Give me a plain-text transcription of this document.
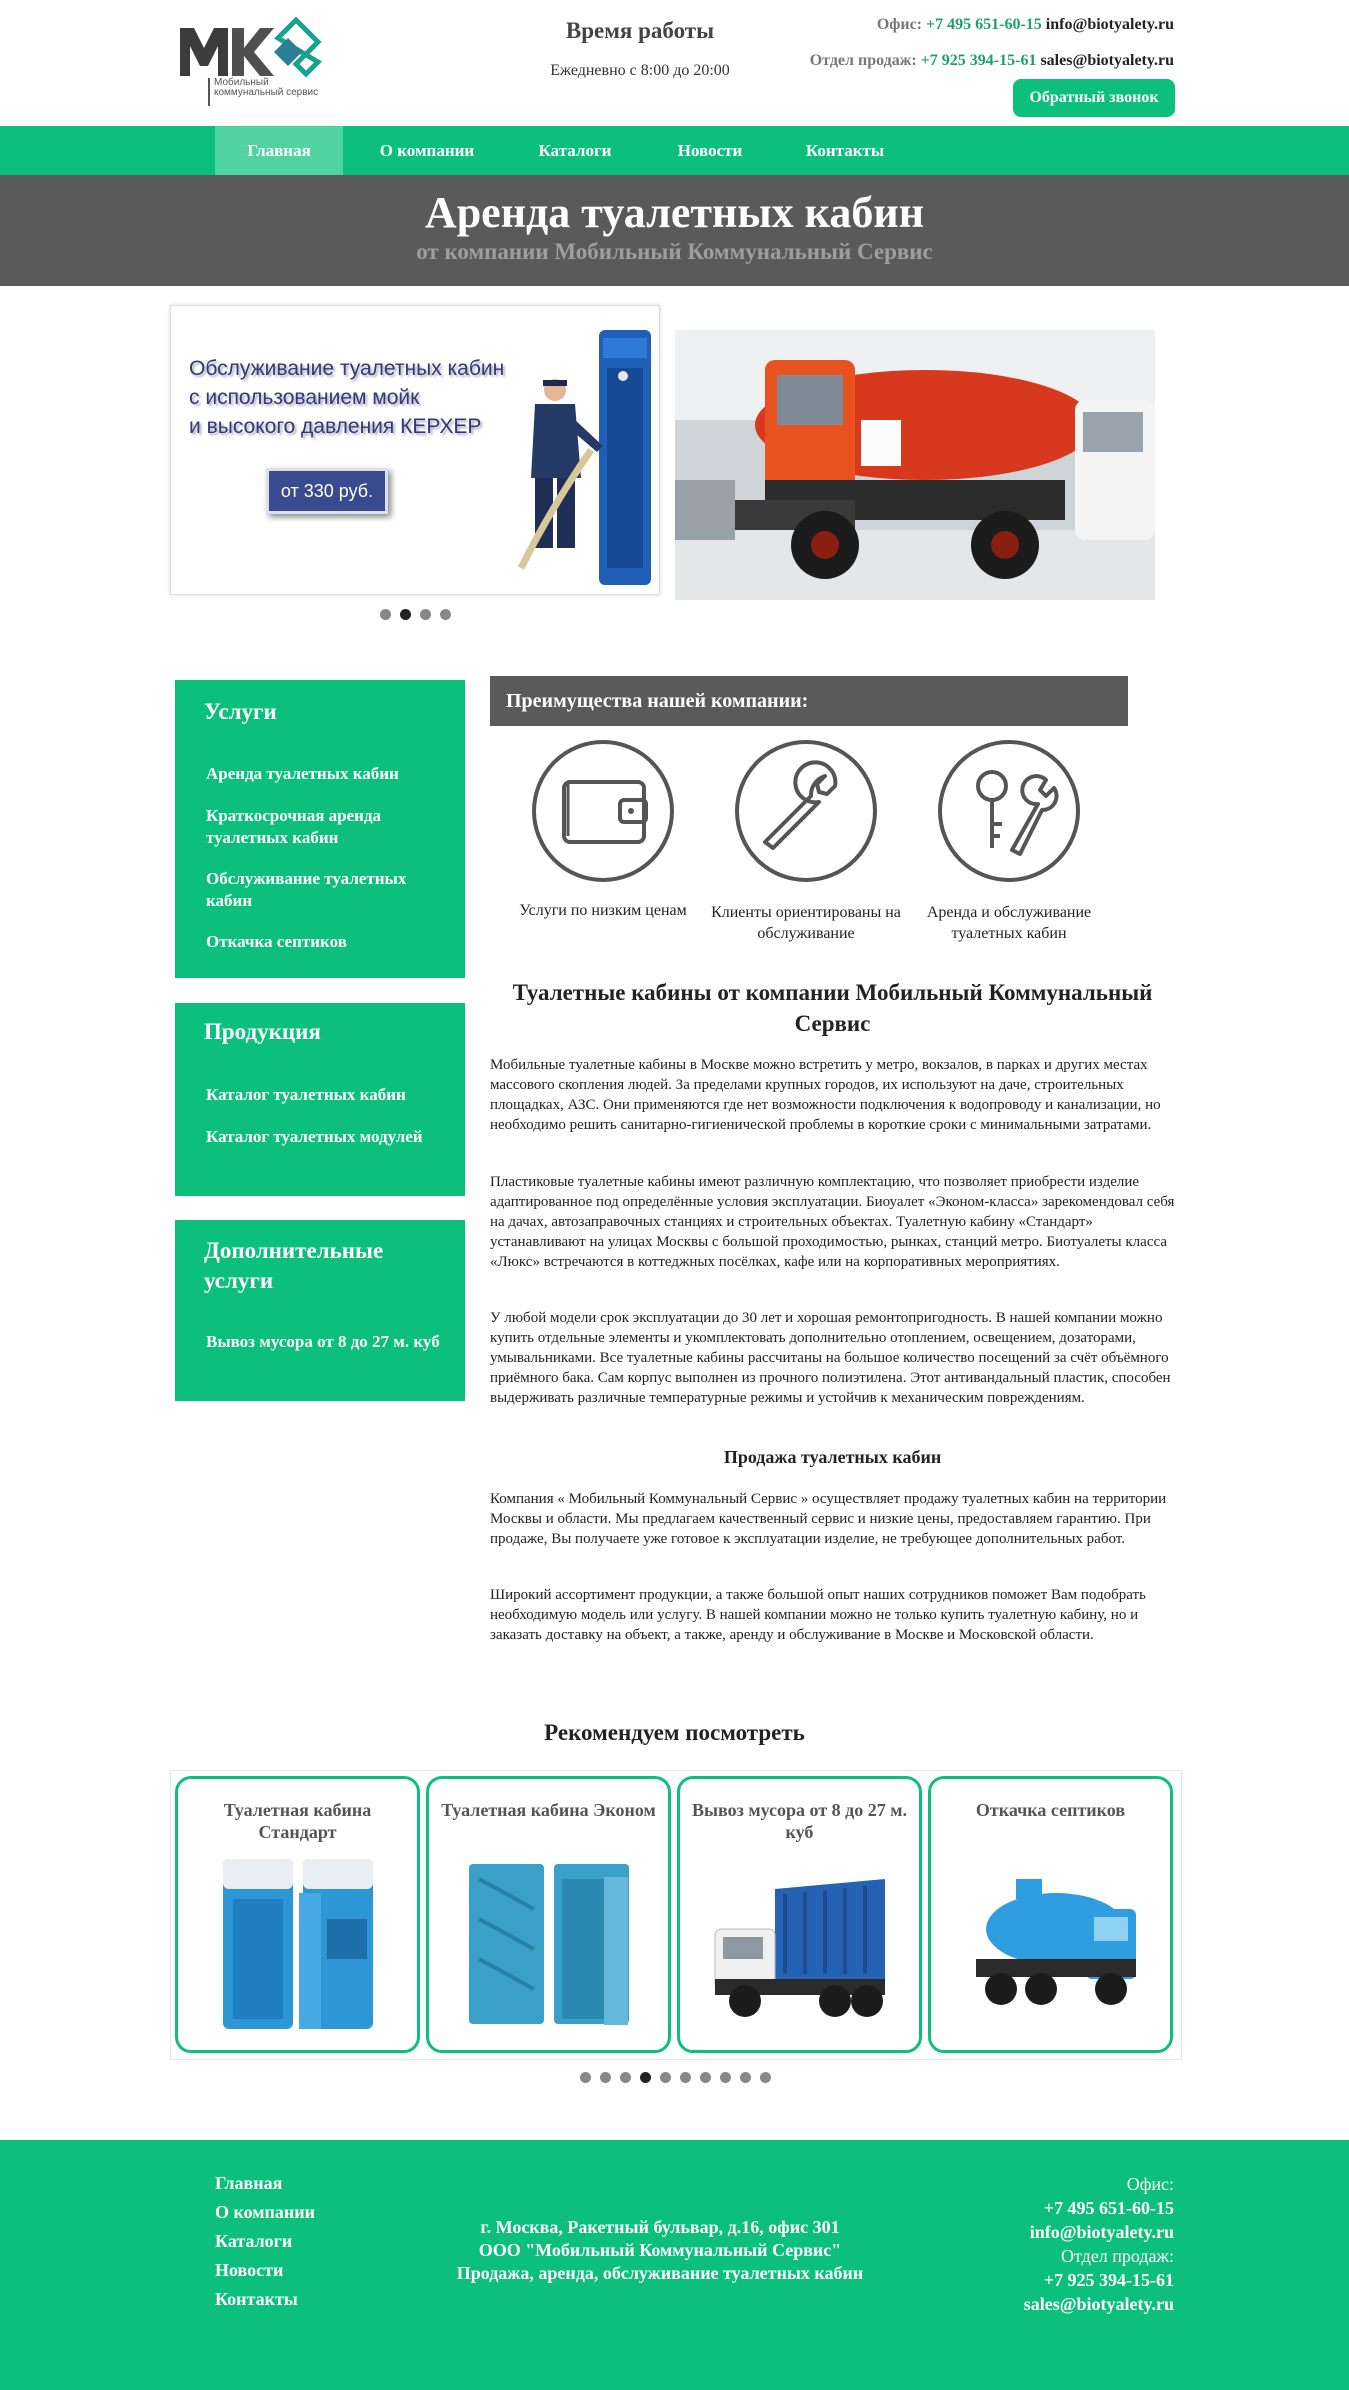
Мобильный коммунальный сервис
Время работы
Ежедневно с 8:00 до 20:00
Офис: +7 495 651-60-15 info@biotyalety.ru
Отдел продаж: +7 925 394-15-61 sales@biotyalety.ru
Обратный звонок
Главная	О компании	Каталоги	Новости	Контакты
Аренда туалетных кабин
от компании Мобильный Коммунальный Сервис
Обслуживание туалетных кабин
с использованием мойк
и высокого давления КЕРХЕР
от 330 руб.
Услуги
Аренда туалетных кабин
Краткосрочная аренда туалетных кабин
Обслуживание туалетных кабин
Откачка септиков
Продукция
Каталог туалетных кабин
Каталог туалетных модулей
Дополнительные услуги
Вывоз мусора от 8 до 27 м. куб
Преимущества нашей компании:
Услуги по низким ценам	Клиенты ориентированы на обслуживание
Аренда и обслуживание туалетных кабин
Туалетные кабины от компании Мобильный Коммунальный Сервис
Мобильные туалетные кабины в Москве можно встретить у метро, вокзалов, в парках и других местах массового скопления людей. За пределами крупных городов, их используют на даче, строительных площадках, АЗС. Они применяются где нет возможности подключения к водопроводу и канализации, но необходимо решить санитарно-гигиенической проблемы в короткие сроки с минимальными затратами.
Пластиковые туалетные кабины имеют различную комплектацию, что позволяет приобрести изделие адаптированное под определённые условия эксплуатации. Биоуалет «Эконом-класса» зарекомендовал себя на дачах, автозаправочных станциях и строительных объектах. Туалетную кабину «Стандарт» устанавливают на улицах Москвы с большой проходимостью, рынках, станций метро. Биотуалеты класса «Люкс» встречаются в коттеджных посёлках, кафе или на корпоративных мероприятиях.
У любой модели срок эксплуатации до 30 лет и хорошая ремонтопригодность. В нашей компании можно купить отдельные элементы и укомплектовать дополнительно отоплением, освещением, дозаторами, умывальниками. Все туалетные кабины рассчитаны на большое количество посещений за счёт объёмного приёмного бака. Сам корпус выполнен из прочного полиэтилена. Этот антивандальный пластик, способен выдерживать различные температурные режимы и устойчив к механическим повреждениям.
Продажа туалетных кабин
Компания « Мобильный Коммунальный Сервис » осуществляет продажу туалетных кабин на территории Москвы и области. Мы предлагаем качественный сервис и низкие цены, предоставляем гарантию. При продаже, Вы получаете уже готовое к эксплуатации изделие, не требующее дополнительных работ.
Широкий ассортимент продукции, а также большой опыт наших сотрудников поможет Вам подобрать необходимую модель или услугу. В нашей компании можно не только купить туалетную кабину, но и заказать доставку на объект, а также, аренду и обслуживание в Москве и Московской области.
Рекомендуем посмотреть
Туалетная кабина Стандарт
Туалетная кабина Эконом	Вывоз мусора от 8 до 27 м. куб
Откачка септиков
Главная
О компании
Каталоги
Новости
Контакты
г. Москва, Ракетный бульвар, д.16, офис 301
ООО "Мобильный Коммунальный Сервис"
Продажа, аренда, обслуживание туалетных кабин
Офис:
+7 495 651-60-15
info@biotyalety.ru
Отдел продаж:
+7 925 394-15-61
sales@biotyalety.ru
